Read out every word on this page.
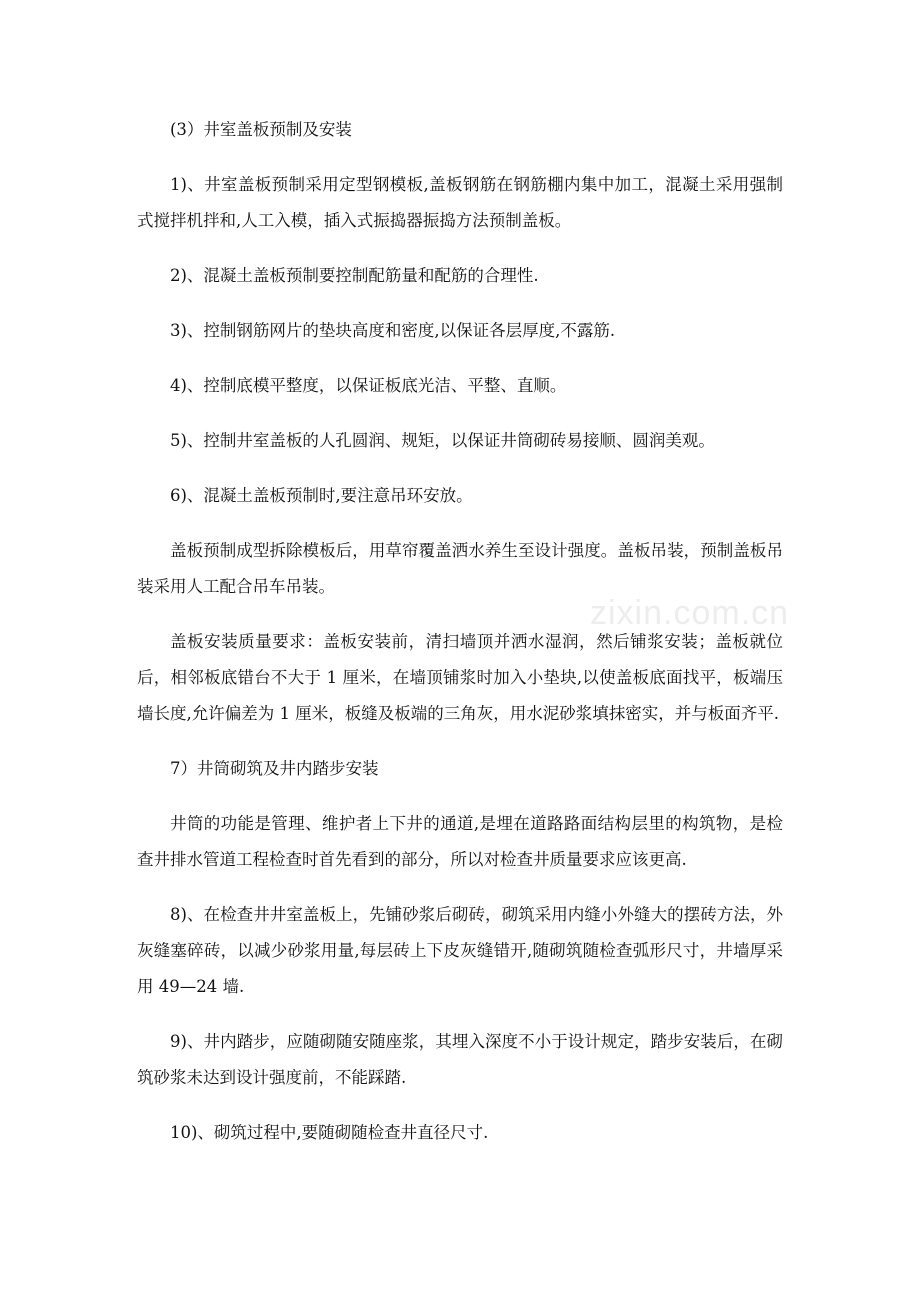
(3）井室盖板预制及安装

1)、井室盖板预制采用定型钢模板,盖板钢筋在钢筋棚内集中加工，混凝土采用强制式搅拌机拌和,人工入模，插入式振捣器振捣方法预制盖板。

2)、混凝土盖板预制要控制配筋量和配筋的合理性.

3)、控制钢筋网片的垫块高度和密度,以保证各层厚度,不露筋.

4)、控制底模平整度，以保证板底光洁、平整、直顺。

5)、控制井室盖板的人孔圆润、规矩，以保证井筒砌砖易接顺、圆润美观。

6)、混凝土盖板预制时,要注意吊环安放。

盖板预制成型拆除模板后，用草帘覆盖洒水养生至设计强度。盖板吊装，预制盖板吊装采用人工配合吊车吊装。

盖板安装质量要求：盖板安装前，清扫墙顶并洒水湿润，然后铺浆安装；盖板就位后，相邻板底错台不大于 1 厘米，在墙顶铺浆时加入小垫块,以使盖板底面找平，板端压墙长度,允许偏差为 1 厘米，板缝及板端的三角灰，用水泥砂浆填抹密实，并与板面齐平.

7）井筒砌筑及井内踏步安装

井筒的功能是管理、维护者上下井的通道,是埋在道路路面结构层里的构筑物，是检查井排水管道工程检查时首先看到的部分，所以对检查井质量要求应该更高.

8)、在检查井井室盖板上，先铺砂浆后砌砖，砌筑采用内缝小外缝大的摆砖方法，外灰缝塞碎砖，以减少砂浆用量,每层砖上下皮灰缝错开,随砌筑随检查弧形尺寸，井墙厚采用 49—24 墙.

9)、井内踏步，应随砌随安随座浆，其埋入深度不小于设计规定，踏步安装后，在砌筑砂浆未达到设计强度前，不能踩踏.

10)、砌筑过程中,要随砌随检查井直径尺寸.

zixin.com.cn
